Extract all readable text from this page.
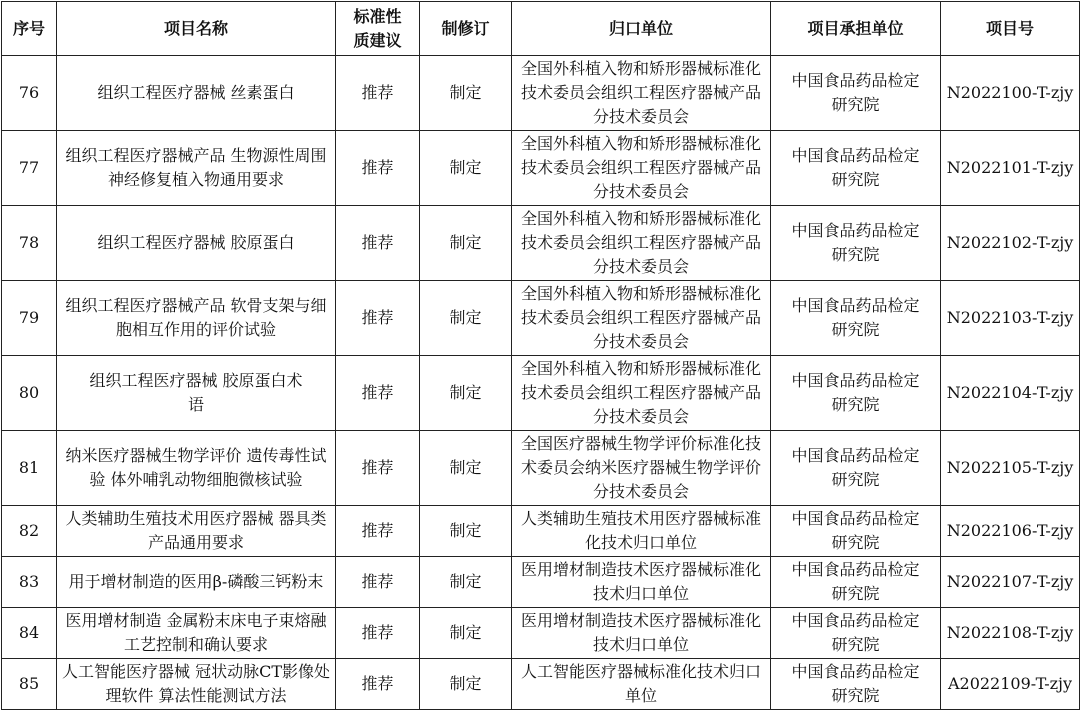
序号	项目名称	标准性质建议	制修订	归口单位	项目承担单位	项目号
76	组织工程医疗器械 丝素蛋白	推荐	制定	全国外科植入物和矫形器械标准化技术委员会组织工程医疗器械产品分技术委员会	中国食品药品检定研究院	N2022100-T-zjy
77	组织工程医疗器械产品 生物源性周围神经修复植入物通用要求	推荐	制定	全国外科植入物和矫形器械标准化技术委员会组织工程医疗器械产品分技术委员会	中国食品药品检定研究院	N2022101-T-zjy
78	组织工程医疗器械 胶原蛋白	推荐	制定	全国外科植入物和矫形器械标准化技术委员会组织工程医疗器械产品分技术委员会	中国食品药品检定研究院	N2022102-T-zjy
79	组织工程医疗器械产品 软骨支架与细胞相互作用的评价试验	推荐	制定	全国外科植入物和矫形器械标准化技术委员会组织工程医疗器械产品分技术委员会	中国食品药品检定研究院	N2022103-T-zjy
80	组织工程医疗器械 胶原蛋白术语	推荐	制定	全国外科植入物和矫形器械标准化技术委员会组织工程医疗器械产品分技术委员会	中国食品药品检定研究院	N2022104-T-zjy
81	纳米医疗器械生物学评价 遗传毒性试验 体外哺乳动物细胞微核试验	推荐	制定	全国医疗器械生物学评价标准化技术委员会纳米医疗器械生物学评价分技术委员会	中国食品药品检定研究院	N2022105-T-zjy
82	人类辅助生殖技术用医疗器械 器具类产品通用要求	推荐	制定	人类辅助生殖技术用医疗器械标准化技术归口单位	中国食品药品检定研究院	N2022106-T-zjy
83	用于增材制造的医用β-磷酸三钙粉末	推荐	制定	医用增材制造技术医疗器械标准化技术归口单位	中国食品药品检定研究院	N2022107-T-zjy
84	医用增材制造 金属粉末床电子束熔融工艺控制和确认要求	推荐	制定	医用增材制造技术医疗器械标准化技术归口单位	中国食品药品检定研究院	N2022108-T-zjy
85	人工智能医疗器械 冠状动脉CT影像处理软件 算法性能测试方法	推荐	制定	人工智能医疗器械标准化技术归口单位	中国食品药品检定研究院	A2022109-T-zjy
